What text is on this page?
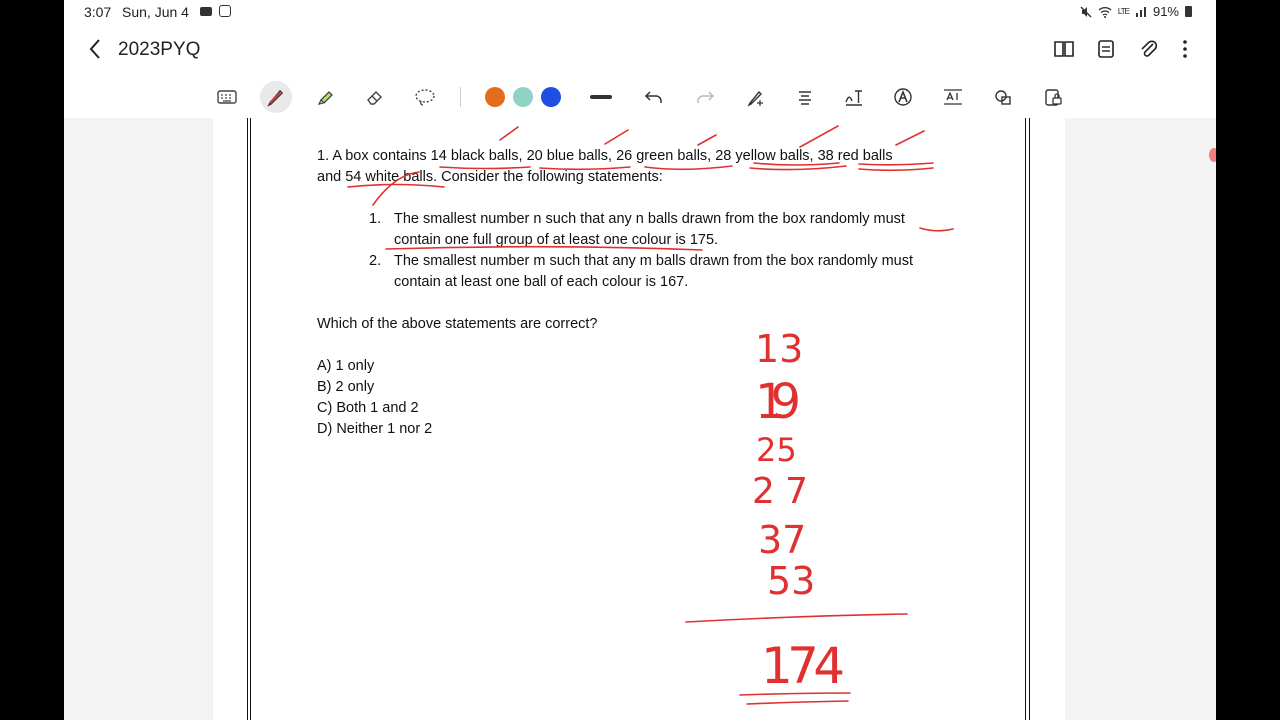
3:07 Sun, Jun 4	LTE 91%
2023PYQ
1. A box contains 14 black balls, 20 blue balls, 26 green balls, 28 yellow balls, 38 red balls
and 54 white balls. Consider the following statements:
1. The smallest number n such that any n balls drawn from the box randomly must
contain one full group of at least one colour is 175.
2. The smallest number m such that any m balls drawn from the box randomly must
contain at least one ball of each colour is 167.
Which of the above statements are correct?
A) 1 only
B) 2 only
C) Both 1 and 2
D) Neither 1 nor 2
13
19
25
27
37
53
174
